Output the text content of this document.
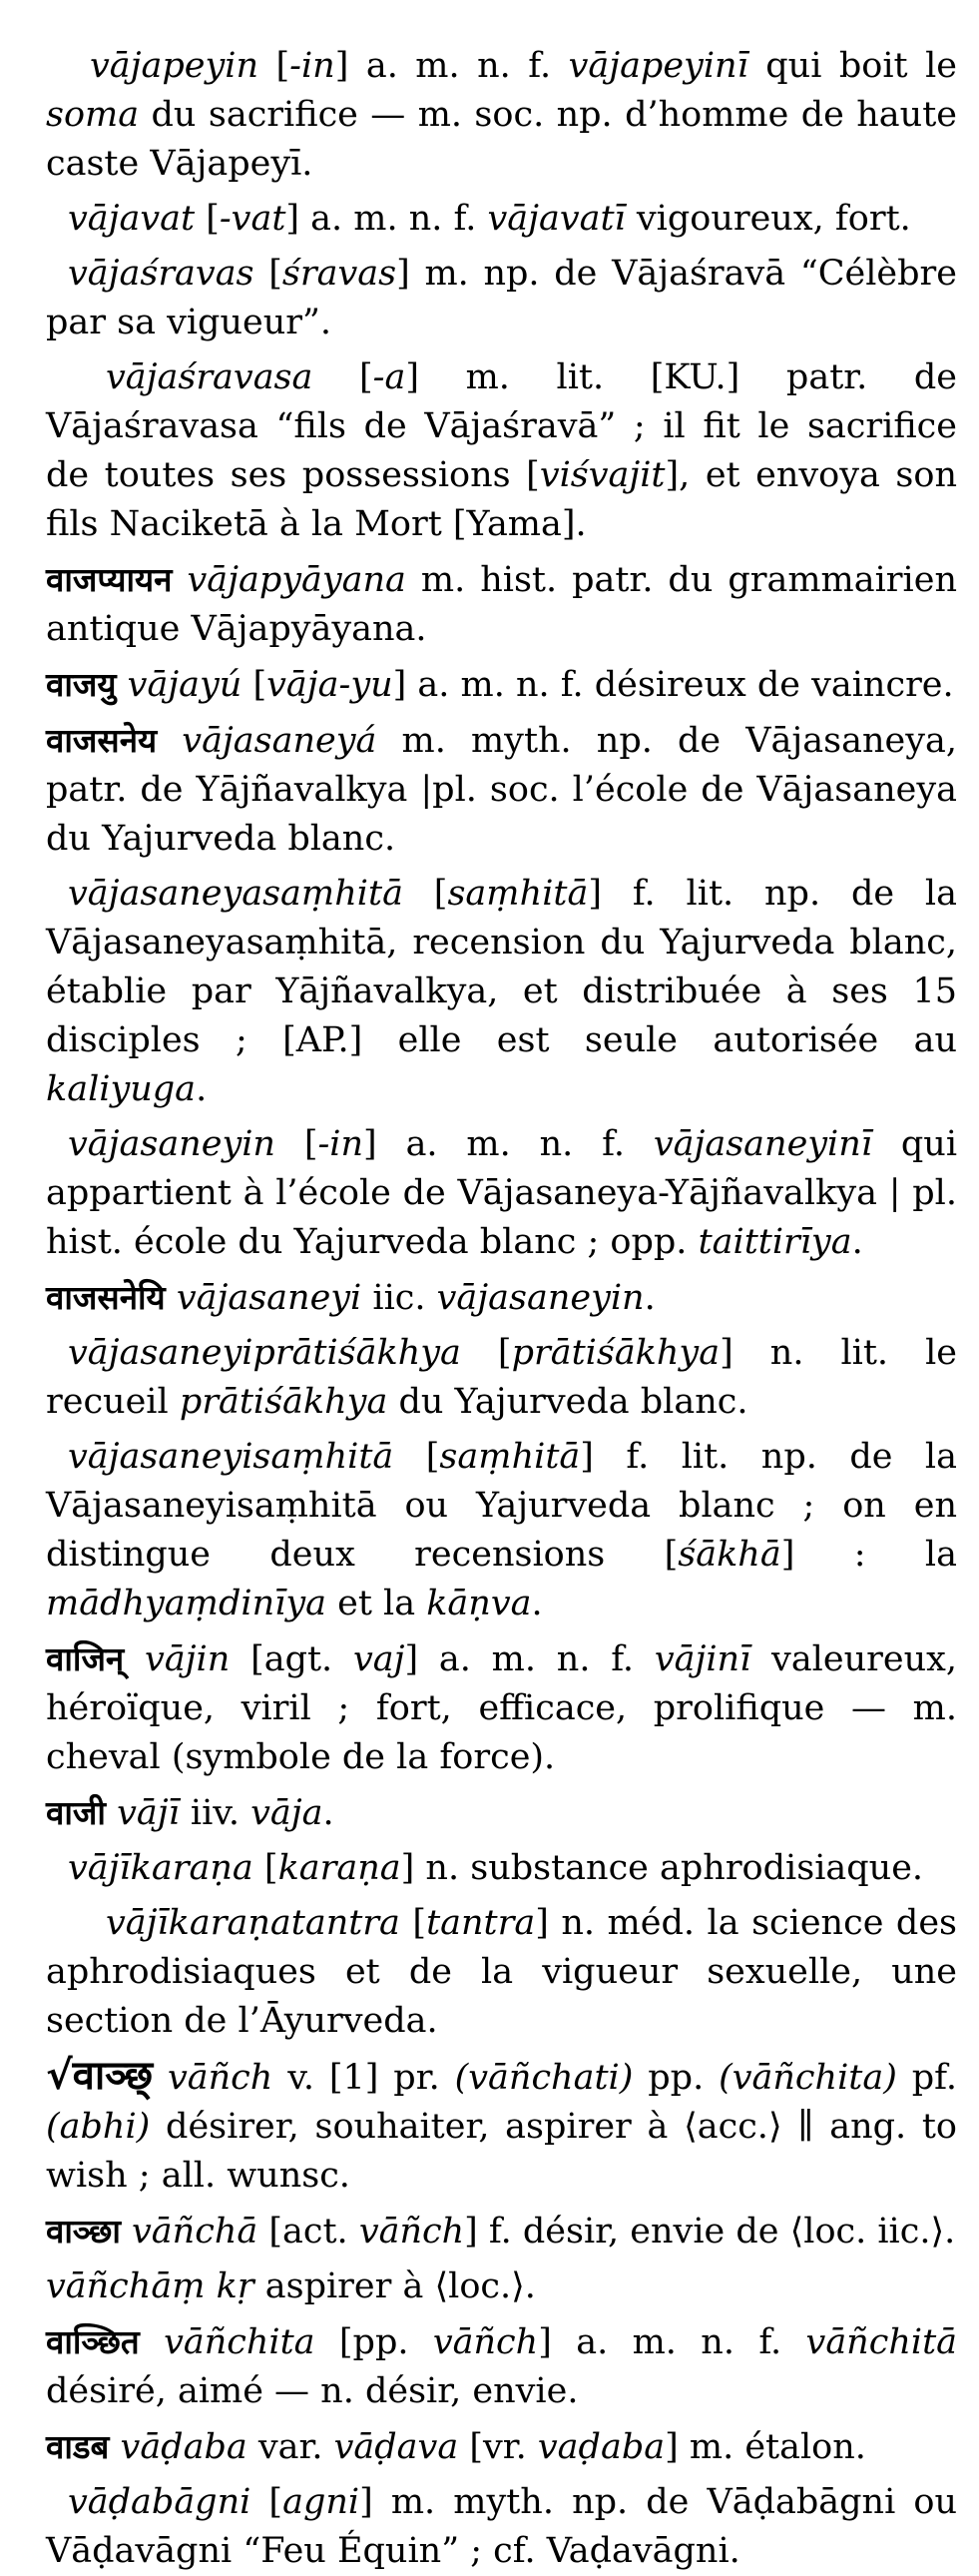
vājapeyin [-in] a. m. n. f. vājapeyinī qui boit le soma du sacrifice — m. soc. np. d’homme de haute caste Vājapeyī.

vājavat [-vat] a. m. n. f. vājavatī vigoureux, fort.

vājaśravas [śravas] m. np. de Vājaśravā “Célèbre par sa vigueur”.

vājaśravasa [-a] m. lit. [KU.] patr. de Vājaśravasa “fils de Vājaśravā” ; il fit le sacrifice de toutes ses possessions [viśvajit], et envoya son fils Naciketā à la Mort [Yama].

वाजप्यायन vājapyāyana m. hist. patr. du grammairien antique Vājapyāyana.

वाजयु vājayú [vāja-yu] a. m. n. f. désireux de vaincre.

वाजसनेय vājasaneyá m. myth. np. de Vājasaneya, patr. de Yājñavalkya |pl. soc. l’école de Vājasaneya du Yajurveda blanc.

vājasaneyasaṃhitā [saṃhitā] f. lit. np. de la Vājasaneyasaṃhitā, recension du Yajurveda blanc, établie par Yājñavalkya, et distribuée à ses 15 disciples ; [AP.] elle est seule autorisée au kaliyuga.

vājasaneyin [-in] a. m. n. f. vājasaneyinī qui appartient à l’école de Vājasaneya-Yājñavalkya | pl. hist. école du Yajurveda blanc ; opp. taittirīya.

वाजसनेयि vājasaneyi iic. vājasaneyin.

vājasaneyiprātiśākhya [prātiśākhya] n. lit. le recueil prātiśākhya du Yajurveda blanc.

vājasaneyisaṃhitā [saṃhitā] f. lit. np. de la Vājasaneyisaṃhitā ou Yajurveda blanc ; on en distingue deux recensions [śākhā] : la mādhyaṃdinīya et la kāṇva.

वाजिन् vājin [agt. vaj] a. m. n. f. vājinī valeureux, héroïque, viril ; fort, efficace, prolifique — m. cheval (symbole de la force).

वाजी vājī iiv. vāja.

vājīkaraṇa [karaṇa] n. substance aphrodisiaque.

vājīkaraṇatantra [tantra] n. méd. la science des aphrodisiaques et de la vigueur sexuelle, une section de l’Āyurveda.

√वाञ्छ् vāñch v. [1] pr. (vāñchati) pp. (vāñchita) pf. (abhi) désirer, souhaiter, aspirer à ⟨acc.⟩ ∥ ang. to wish ; all. wunsc.

वाञ्छा vāñchā [act. vāñch] f. désir, envie de ⟨loc. iic.⟩.

vāñchāṃ kṛ aspirer à ⟨loc.⟩.

वाञ्छित vāñchita [pp. vāñch] a. m. n. f. vāñchitā désiré, aimé — n. désir, envie.

वाडब vāḍaba var. vāḍava [vr. vaḍaba] m. étalon.

vāḍabāgni [agni] m. myth. np. de Vāḍabāgni ou Vāḍavāgni “Feu Équin” ; cf. Vaḍavāgni.
